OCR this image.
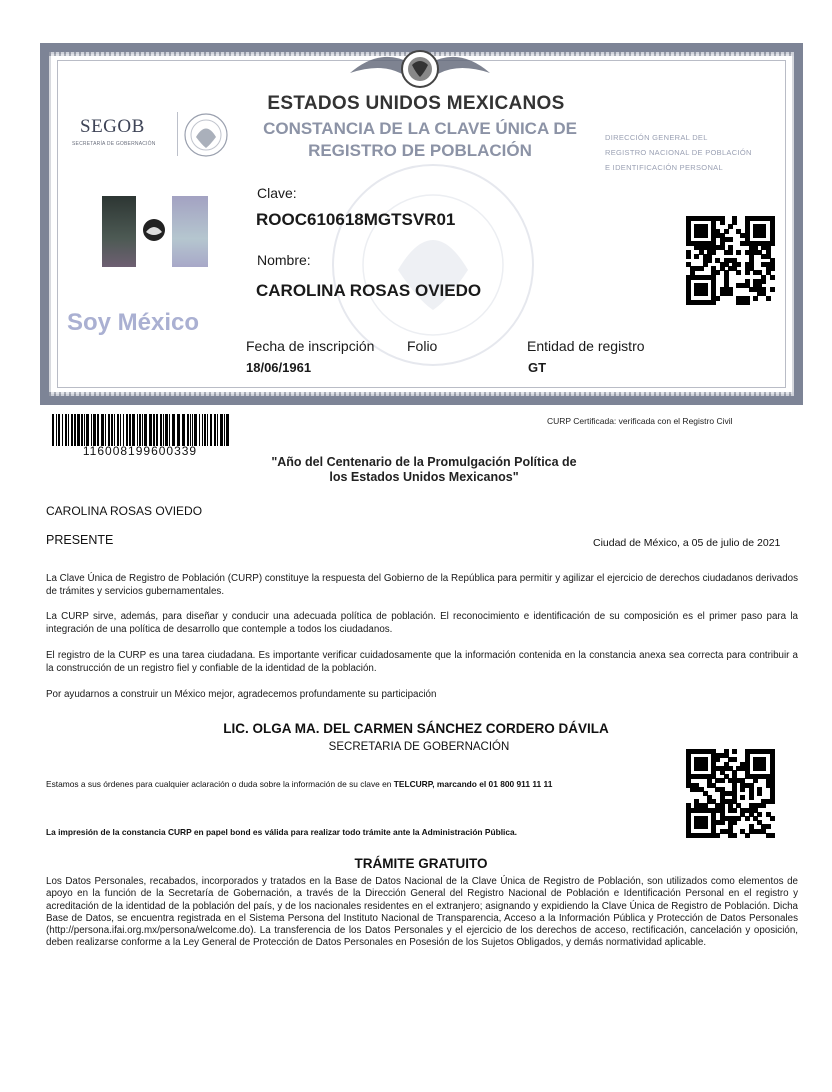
ESTADOS UNIDOS MEXICANOS
CONSTANCIA DE LA CLAVE ÚNICA DE
REGISTRO DE POBLACIÓN
SEGOB
SECRETARÍA DE GOBERNACIÓN
DIRECCIÓN GENERAL DEL
REGISTRO NACIONAL DE POBLACIÓN
E IDENTIFICACIÓN PERSONAL
Soy México
Clave:
ROOC610618MGTSVR01
Nombre:
CAROLINA ROSAS OVIEDO
Fecha de inscripción
18/06/1961
Folio	Entidad de registro
GT
CURP Certificada: verificada con el Registro Civil
116008199600339
"Año del Centenario de la Promulgación Política de
los Estados Unidos Mexicanos"
CAROLINA ROSAS OVIEDO
PRESENTE	Ciudad de México, a 05 de julio de 2021
La Clave Única de Registro de Población (CURP) constituye la respuesta del Gobierno de la República para permitir y agilizar el ejercicio de derechos ciudadanos derivados de trámites y servicios gubernamentales.
La CURP sirve, además, para diseñar y conducir una adecuada política de población. El reconocimiento e identificación de su composición es el primer paso para la integración de una política de desarrollo que contemple a todos los ciudadanos.
El registro de la CURP es una tarea ciudadana. Es importante verificar cuidadosamente que la información contenida en la constancia anexa sea correcta para contribuir a la construcción de un registro fiel y confiable de la identidad de la población.
Por ayudarnos a construir un México mejor, agradecemos profundamente su participación
LIC. OLGA MA. DEL CARMEN SÁNCHEZ CORDERO DÁVILA
SECRETARIA DE GOBERNACIÓN
Estamos a sus órdenes para cualquier aclaración o duda sobre la información de su clave en TELCURP, marcando el 01 800 911 11 11
La impresión de la constancia CURP en papel bond es válida para realizar todo trámite ante la Administración Pública.
TRÁMITE GRATUITO
Los Datos Personales, recabados, incorporados y tratados en la Base de Datos Nacional de la Clave Única de Registro de Población, son utilizados como elementos de apoyo en la función de la Secretaría de Gobernación, a través de la Dirección General del Registro Nacional de Población e Identificación Personal en el registro y acreditación de la identidad de la población del país, y de los nacionales residentes en el extranjero; asignando y expidiendo la Clave Única de Registro de Población. Dicha Base de Datos, se encuentra registrada en el Sistema Persona del Instituto Nacional de Transparencia, Acceso a la Información Pública y Protección de Datos Personales (http://persona.ifai.org.mx/persona/welcome.do). La transferencia de los Datos Personales y el ejercicio de los derechos de acceso, rectificación, cancelación y oposición, deben realizarse conforme a la Ley General de Protección de Datos Personales en Posesión de los Sujetos Obligados, y demás normatividad aplicable.
